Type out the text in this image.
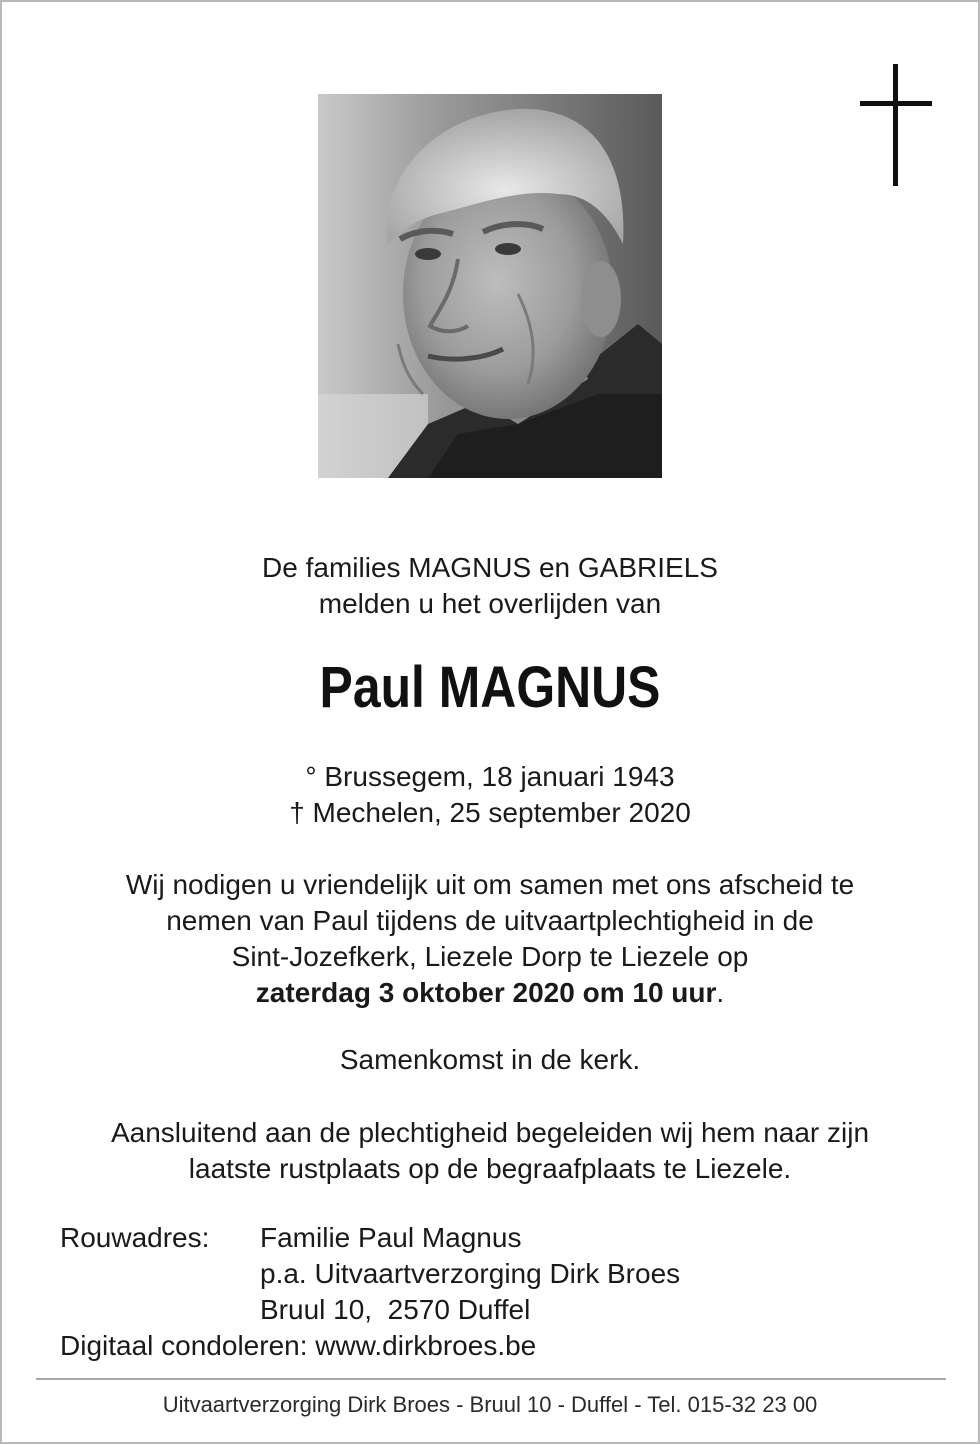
De families MAGNUS en GABRIELS
melden u het overlijden van
Paul MAGNUS
° Brussegem, 18 januari 1943
† Mechelen, 25 september 2020
Wij nodigen u vriendelijk uit om samen met ons afscheid te
nemen van Paul tijdens de uitvaartplechtigheid in de
Sint-Jozefkerk, Liezele Dorp te Liezele op
zaterdag 3 oktober 2020 om 10 uur.
Samenkomst in de kerk.
Aansluitend aan de plechtigheid begeleiden wij hem naar zijn
laatste rustplaats op de begraafplaats te Liezele.
Rouwadres:	Familie Paul Magnus
p.a. Uitvaartverzorging Dirk Broes
Bruul 10,  2570 Duffel
Digitaal condoleren: www.dirkbroes.be
Uitvaartverzorging Dirk Broes - Bruul 10 - Duffel - Tel. 015-32 23 00
